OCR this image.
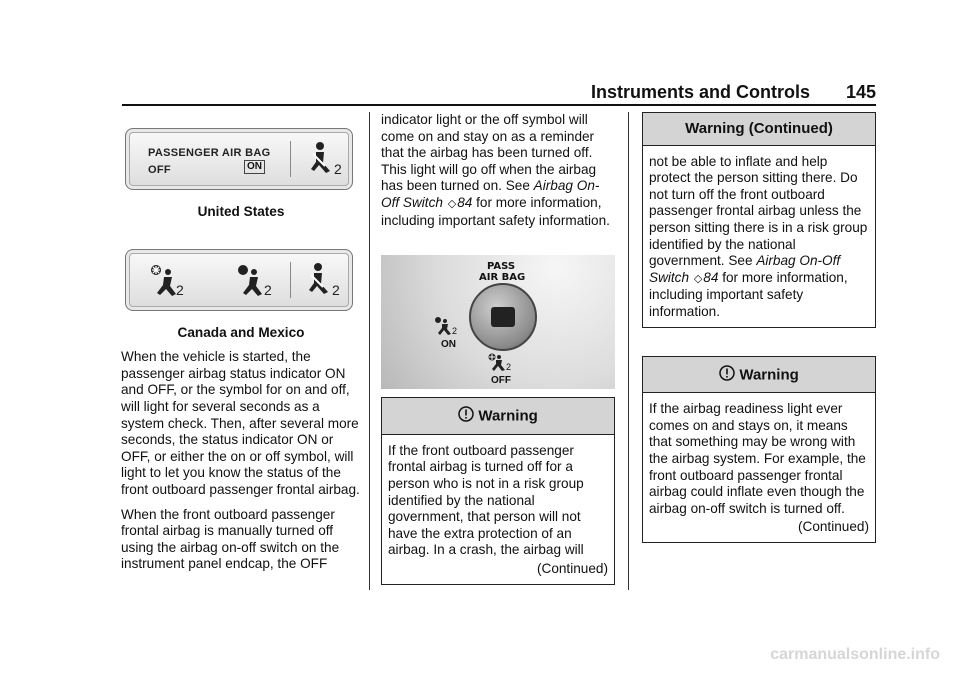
Instruments and Controls 145
PASSENGER AIR BAG
OFF	ON	2
United States
2	2	2
Canada and Mexico

When the vehicle is started, the passenger airbag status indicator ON and OFF, or the symbol for on and off, will light for several seconds as a system check. Then, after several more seconds, the status indicator ON or OFF, or either the on or off symbol, will light to let you know the status of the front outboard passenger frontal airbag.

When the front outboard passenger frontal airbag is manually turned off using the airbag on-off switch on the instrument panel endcap, the OFF

indicator light or the off symbol will come on and stay on as a reminder that the airbag has been turned off. This light will go off when the airbag has been turned on. See Airbag On-Off Switch ◇84 for more information, including important safety information.

PASS
AIR BAG
2
ON
2
OFF
Warning

If the front outboard passenger frontal airbag is turned off for a person who is not in a risk group identified by the national government, that person will not have the extra protection of an airbag. In a crash, the airbag will

(Continued)
Warning (Continued)

not be able to inflate and help protect the person sitting there. Do not turn off the front outboard passenger frontal airbag unless the person sitting there is in a risk group identified by the national government. See Airbag On-Off Switch ◇84 for more information, including important safety information.

Warning

If the airbag readiness light ever comes on and stays on, it means that something may be wrong with the airbag system. For example, the front outboard passenger frontal airbag could inflate even though the airbag on-off switch is turned off.

(Continued)
carmanualsonline.info
